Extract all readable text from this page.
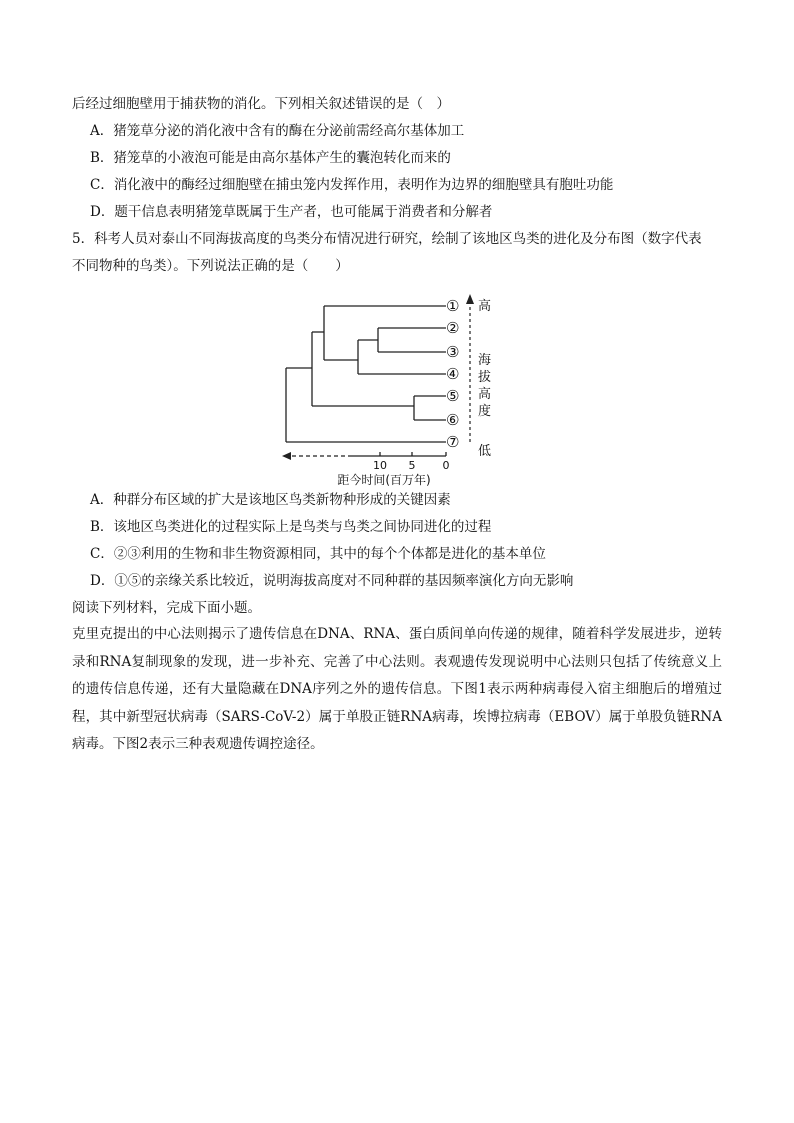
后经过细胞壁用于捕获物的消化。下列相关叙述错误的是（　）
A．猪笼草分泌的消化液中含有的酶在分泌前需经高尔基体加工
B．猪笼草的小液泡可能是由高尔基体产生的囊泡转化而来的
C．消化液中的酶经过细胞壁在捕虫笼内发挥作用，表明作为边界的细胞壁具有胞吐功能
D．题干信息表明猪笼草既属于生产者，也可能属于消费者和分解者
5．科考人员对泰山不同海拔高度的鸟类分布情况进行研究，绘制了该地区鸟类的进化及分布图（数字代表
不同物种的鸟类）。下列说法正确的是（　　）
①
②
③
④
⑤
⑥
⑦
高
海
拔
高
度
低
10 5 0
距今时间(百万年)
A．种群分布区域的扩大是该地区鸟类新物种形成的关键因素
B．该地区鸟类进化的过程实际上是鸟类与鸟类之间协同进化的过程
C．②③利用的生物和非生物资源相同，其中的每个个体都是进化的基本单位
D．①⑤的亲缘关系比较近，说明海拔高度对不同种群的基因频率演化方向无影响
阅读下列材料，完成下面小题。
克里克提出的中心法则揭示了遗传信息在DNA、RNA、蛋白质间单向传递的规律，随着科学发展进步，逆转录和RNA复制现象的发现，进一步补充、完善了中心法则。表观遗传发现说明中心法则只包括了传统意义上的遗传信息传递，还有大量隐藏在DNA序列之外的遗传信息。下图1表示两种病毒侵入宿主细胞后的增殖过程，其中新型冠状病毒（SARS-CoV-2）属于单股正链RNA病毒，埃博拉病毒（EBOV）属于单股负链RNA病毒。下图2表示三种表观遗传调控途径。
